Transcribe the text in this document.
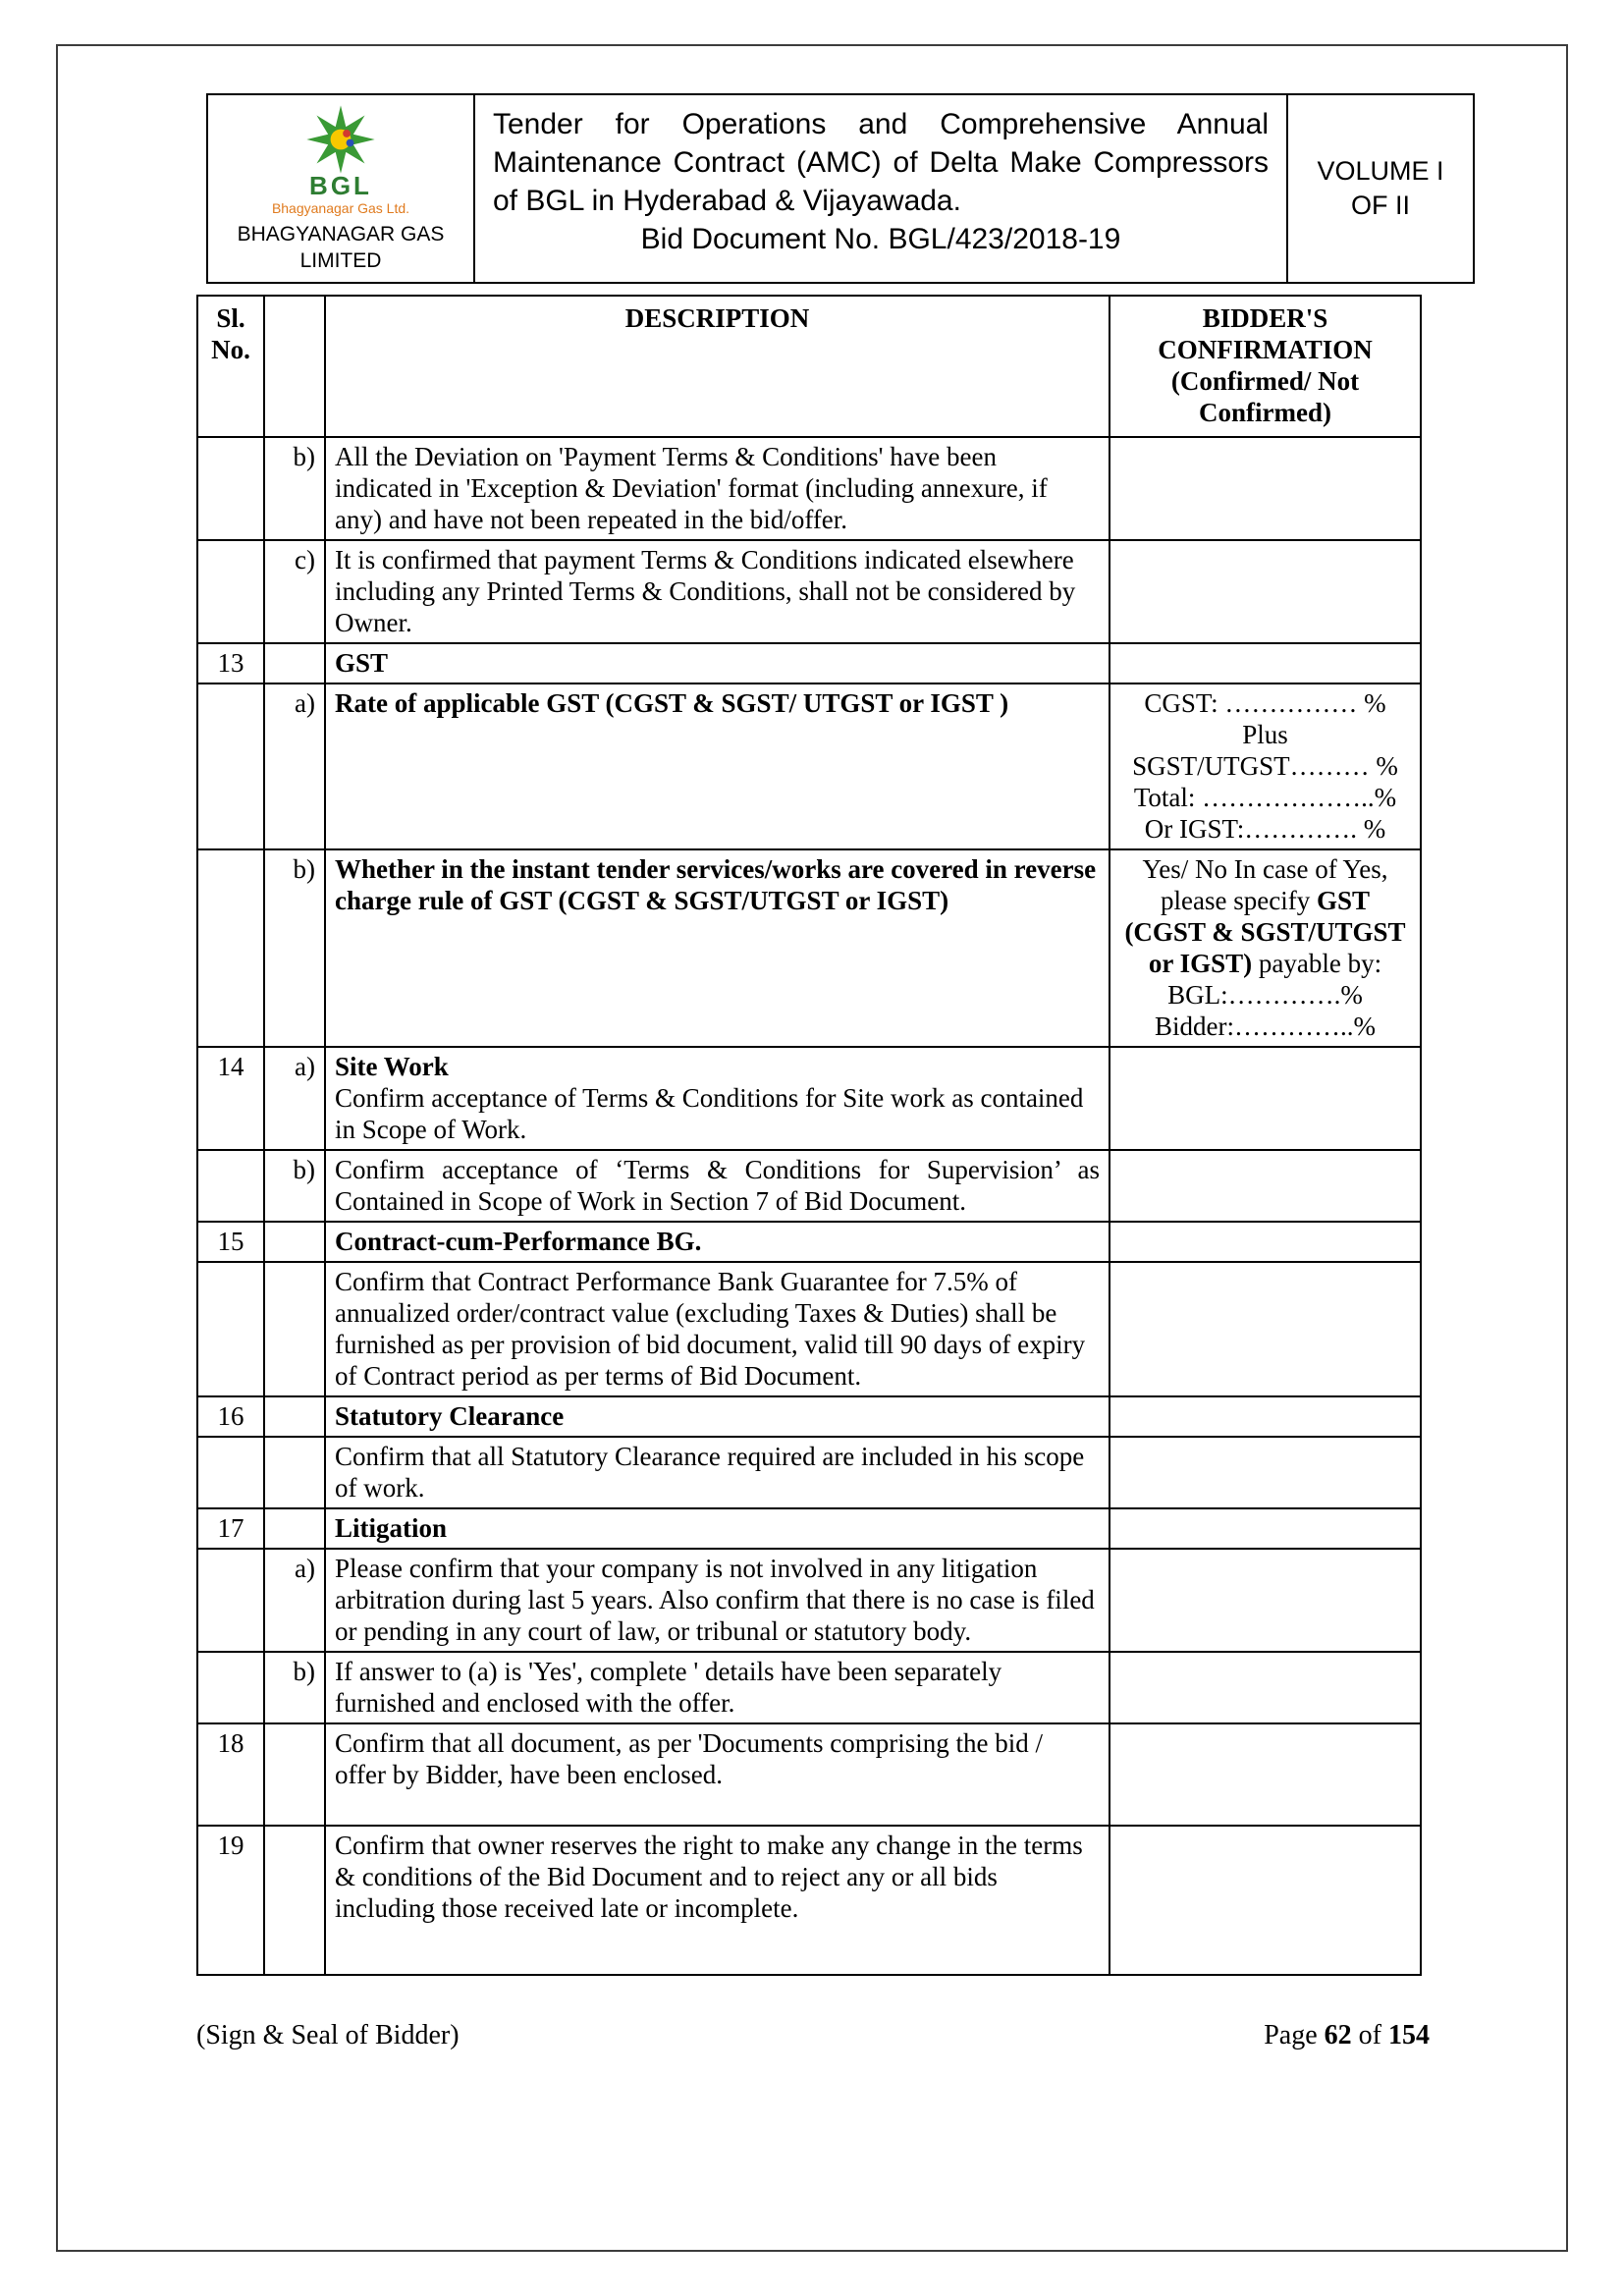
BGL
Bhagyanagar Gas Ltd.
BHAGYANAGAR GAS LIMITED
Tender for Operations and Comprehensive Annual Maintenance Contract (AMC) of Delta Make Compressors of BGL in Hyderabad & Vijayawada.
Bid Document No. BGL/423/2018-19
VOLUME I OF II
Sl. No.		DESCRIPTION	BIDDER'S CONFIRMATION (Confirmed/ Not Confirmed)
	b)	All the Deviation on 'Payment Terms & Conditions' have been indicated in 'Exception & Deviation' format (including annexure, if any) and have not been repeated in the bid/offer.	
	c)	It is confirmed that payment Terms & Conditions indicated elsewhere including any Printed Terms & Conditions, shall not be considered by Owner.	
13		GST	
	a)	Rate of applicable GST (CGST & SGST/ UTGST or IGST )	CGST: …………… %
Plus
SGST/UTGST……… %
Total: ………………..%
Or IGST:…………. %

	b)	Whether in the instant tender services/works are covered in reverse charge rule of GST (CGST & SGST/UTGST or IGST)	Yes/ No In case of Yes, please specify GST (CGST & SGST/UTGST or IGST) payable by:
BGL:………….%
Bidder:…………..%

14	a)	Site Work
Confirm acceptance of Terms & Conditions for Site work as contained in Scope of Work.	

	b)	Confirm acceptance of ‘Terms & Conditions for Supervision’ as Contained in Scope of Work in Section 7 of Bid Document.	
15		Contract-cum-Performance BG.	
		Confirm that Contract Performance Bank Guarantee for 7.5% of annualized order/contract value (excluding Taxes & Duties) shall be furnished as per provision of bid document, valid till 90 days of expiry of Contract period as per terms of Bid Document.	
16		Statutory Clearance	
		Confirm that all Statutory Clearance required are included in his scope of work.	
17		Litigation	
	a)	Please confirm that your company is not involved in any litigation arbitration during last 5 years. Also confirm that there is no case is filed or pending in any court of law, or tribunal or statutory body.	
	b)	If answer to (a) is 'Yes', complete ' details have been separately furnished and enclosed with the offer.	
18		Confirm that all document, as per 'Documents comprising the bid / offer by Bidder, have been enclosed.	
19		Confirm that owner reserves the right to make any change in the terms & conditions of the Bid Document and to reject any or all bids including those received late or incomplete.	
(Sign & Seal of Bidder)	Page 62 of 154
